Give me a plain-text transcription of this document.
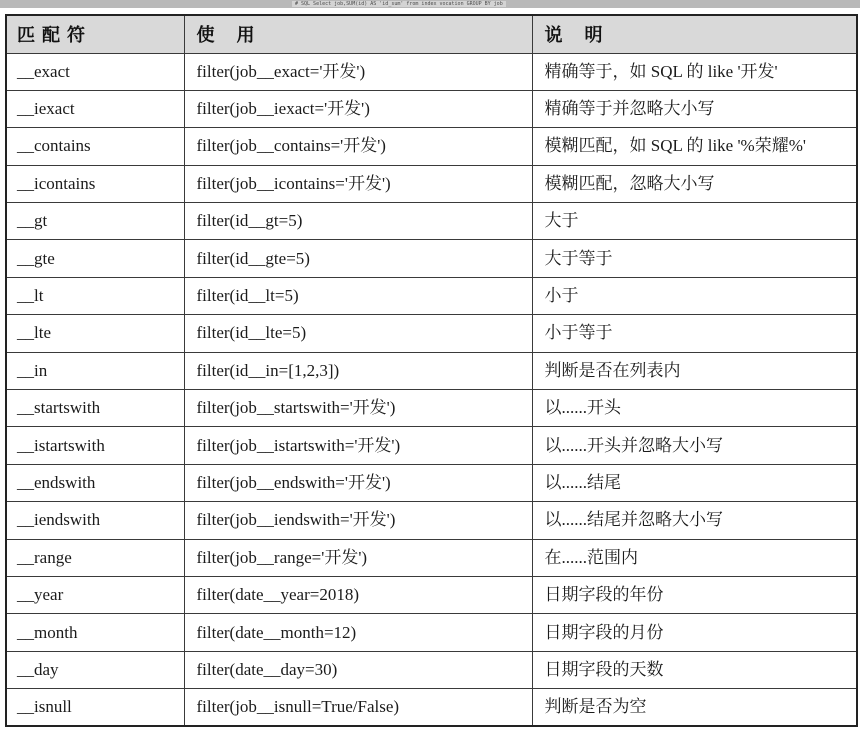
# SQL Select job,SUM(id) AS 'id_sum' from index vocation GROUP BY job
匹配符	使用	说明
__exact	filter(job__exact='开发')	精确等于，如 SQL 的 like '开发'
__iexact	filter(job__iexact='开发')	精确等于并忽略大小写
__contains	filter(job__contains='开发')	模糊匹配，如 SQL 的 like '%荣耀%'
__icontains	filter(job__icontains='开发')	模糊匹配，忽略大小写
__gt	filter(id__gt=5)	大于
__gte	filter(id__gte=5)	大于等于
__lt	filter(id__lt=5)	小于
__lte	filter(id__lte=5)	小于等于
__in	filter(id__in=[1,2,3])	判断是否在列表内
__startswith	filter(job__startswith='开发')	以......开头
__istartswith	filter(job__istartswith='开发')	以......开头并忽略大小写
__endswith	filter(job__endswith='开发')	以......结尾
__iendswith	filter(job__iendswith='开发')	以......结尾并忽略大小写
__range	filter(job__range='开发')	在......范围内
__year	filter(date__year=2018)	日期字段的年份
__month	filter(date__month=12)	日期字段的月份
__day	filter(date__day=30)	日期字段的天数
__isnull	filter(job__isnull=True/False)	判断是否为空
